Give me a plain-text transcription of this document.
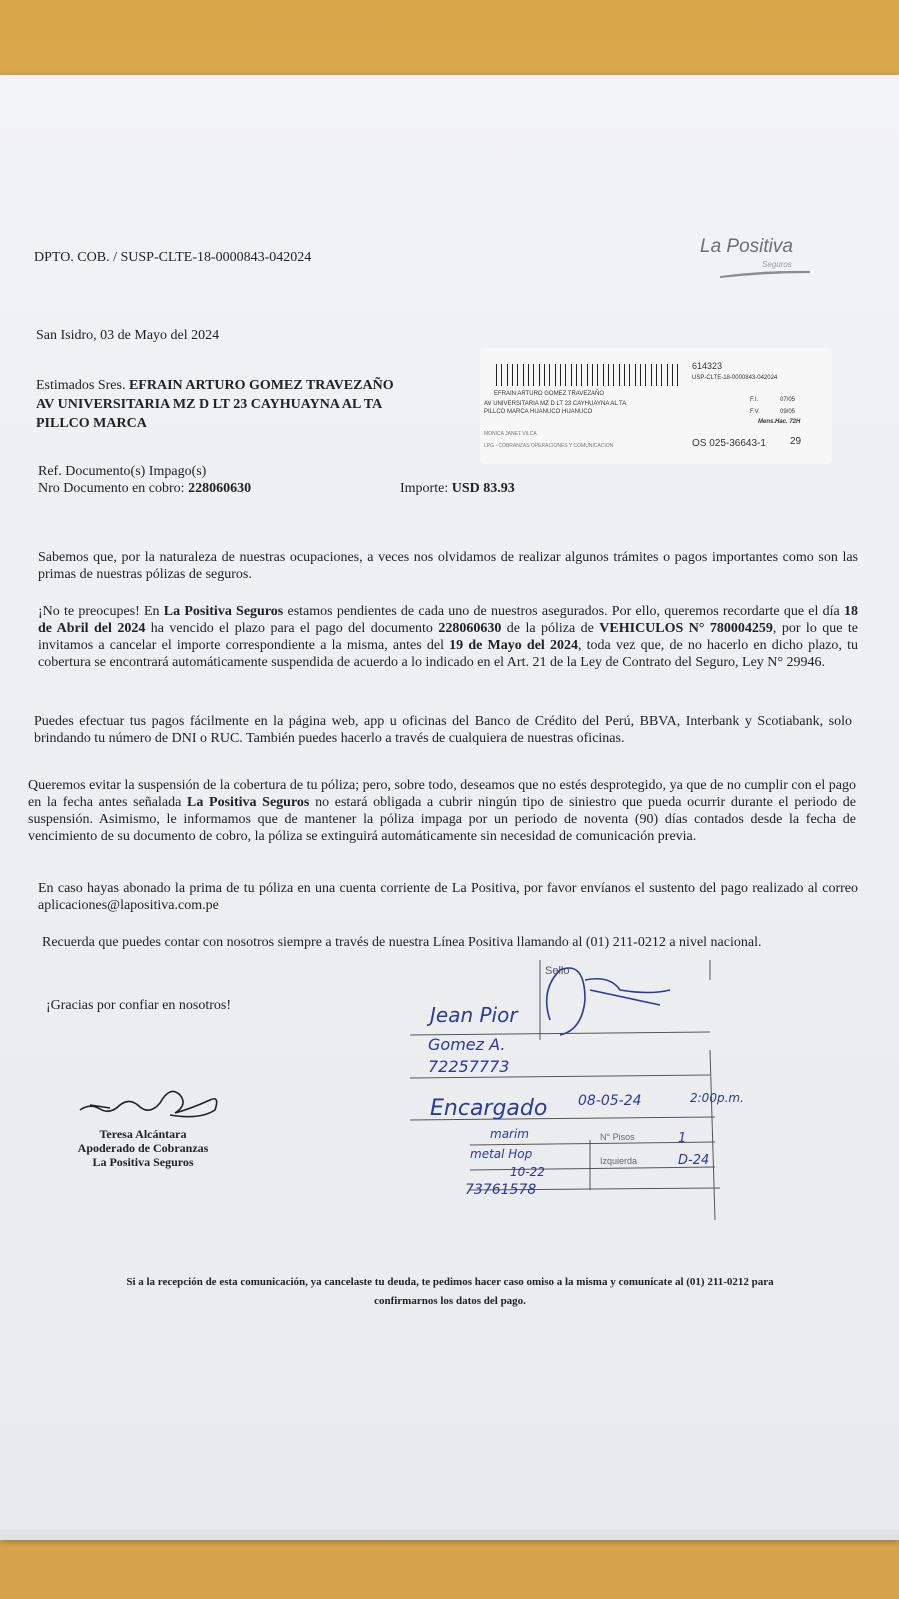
DPTO. COB. / SUSP-CLTE-18-0000843-042024
La Positiva
Seguros
San Isidro, 03 de Mayo del 2024
Estimados Sres. EFRAIN ARTURO GOMEZ TRAVEZAÑO
AV UNIVERSITARIA MZ D LT 23 CAYHUAYNA AL TA
PILLCO MARCA
614323
USP-CLTE-18-0000843-042024
EFRAIN ARTURO GOMEZ TRAVEZAÑO
AV UNIVERSITARIA MZ D LT 23 CAYHUAYNA AL TA
PILLCO MARCA HUANUCO HUANUCO
F.I.	07/05
F.V.	09/05
Mens.Hac. 72H
MONICA JANET VILCA
LPG - COBRANZAS OPERACIONES Y COMUNICACION	OS 025-36643-1 29
Ref. Documento(s) Impago(s)
Nro Documento en cobro: 228060630	Importe: USD 83.93
Sabemos que, por la naturaleza de nuestras ocupaciones, a veces nos olvidamos de realizar algunos trámites o pagos importantes como son las primas de nuestras pólizas de seguros.
¡No te preocupes! En La Positiva Seguros estamos pendientes de cada uno de nuestros asegurados. Por ello, queremos recordarte que el día 18 de Abril del 2024 ha vencido el plazo para el pago del documento 228060630 de la póliza de VEHICULOS N° 780004259, por lo que te invitamos a cancelar el importe correspondiente a la misma, antes del 19 de Mayo del 2024, toda vez que, de no hacerlo en dicho plazo, tu cobertura se encontrará automáticamente suspendida de acuerdo a lo indicado en el Art. 21 de la Ley de Contrato del Seguro, Ley N° 29946.
Puedes efectuar tus pagos fácilmente en la página web, app u oficinas del Banco de Crédito del Perú, BBVA, Interbank y Scotiabank, solo brindando tu número de DNI o RUC. También puedes hacerlo a través de cualquiera de nuestras oficinas.
Queremos evitar la suspensión de la cobertura de tu póliza; pero, sobre todo, deseamos que no estés desprotegido, ya que de no cumplir con el pago en la fecha antes señalada La Positiva Seguros no estará obligada a cubrir ningún tipo de siniestro que pueda ocurrir durante el periodo de suspensión. Asimismo, le informamos que de mantener la póliza impaga por un periodo de noventa (90) días contados desde la fecha de vencimiento de su documento de cobro, la póliza se extinguirá automáticamente sin necesidad de comunicación previa.
En caso hayas abonado la prima de tu póliza en una cuenta corriente de La Positiva, por favor envíanos el sustento del pago realizado al correo aplicaciones@lapositiva.com.pe
Recuerda que puedes contar con nosotros siempre a través de nuestra Línea Positiva llamando al (01) 211-0212 a nivel nacional.
¡Gracias por confiar en nosotros!
Teresa Alcántara
Apoderado de Cobranzas
La Positiva Seguros
Sello
Jean Pior
Gomez A.
72257773
Encargado 08-05-24	2:00p.m.
marim
metal Hop
10-22
73761578
N° Pisos	1
Izquierda	D-24
Si a la recepción de esta comunicación, ya cancelaste tu deuda, te pedimos hacer caso omiso a la misma y comunícate al (01) 211-0212 para
confirmarnos los datos del pago.
